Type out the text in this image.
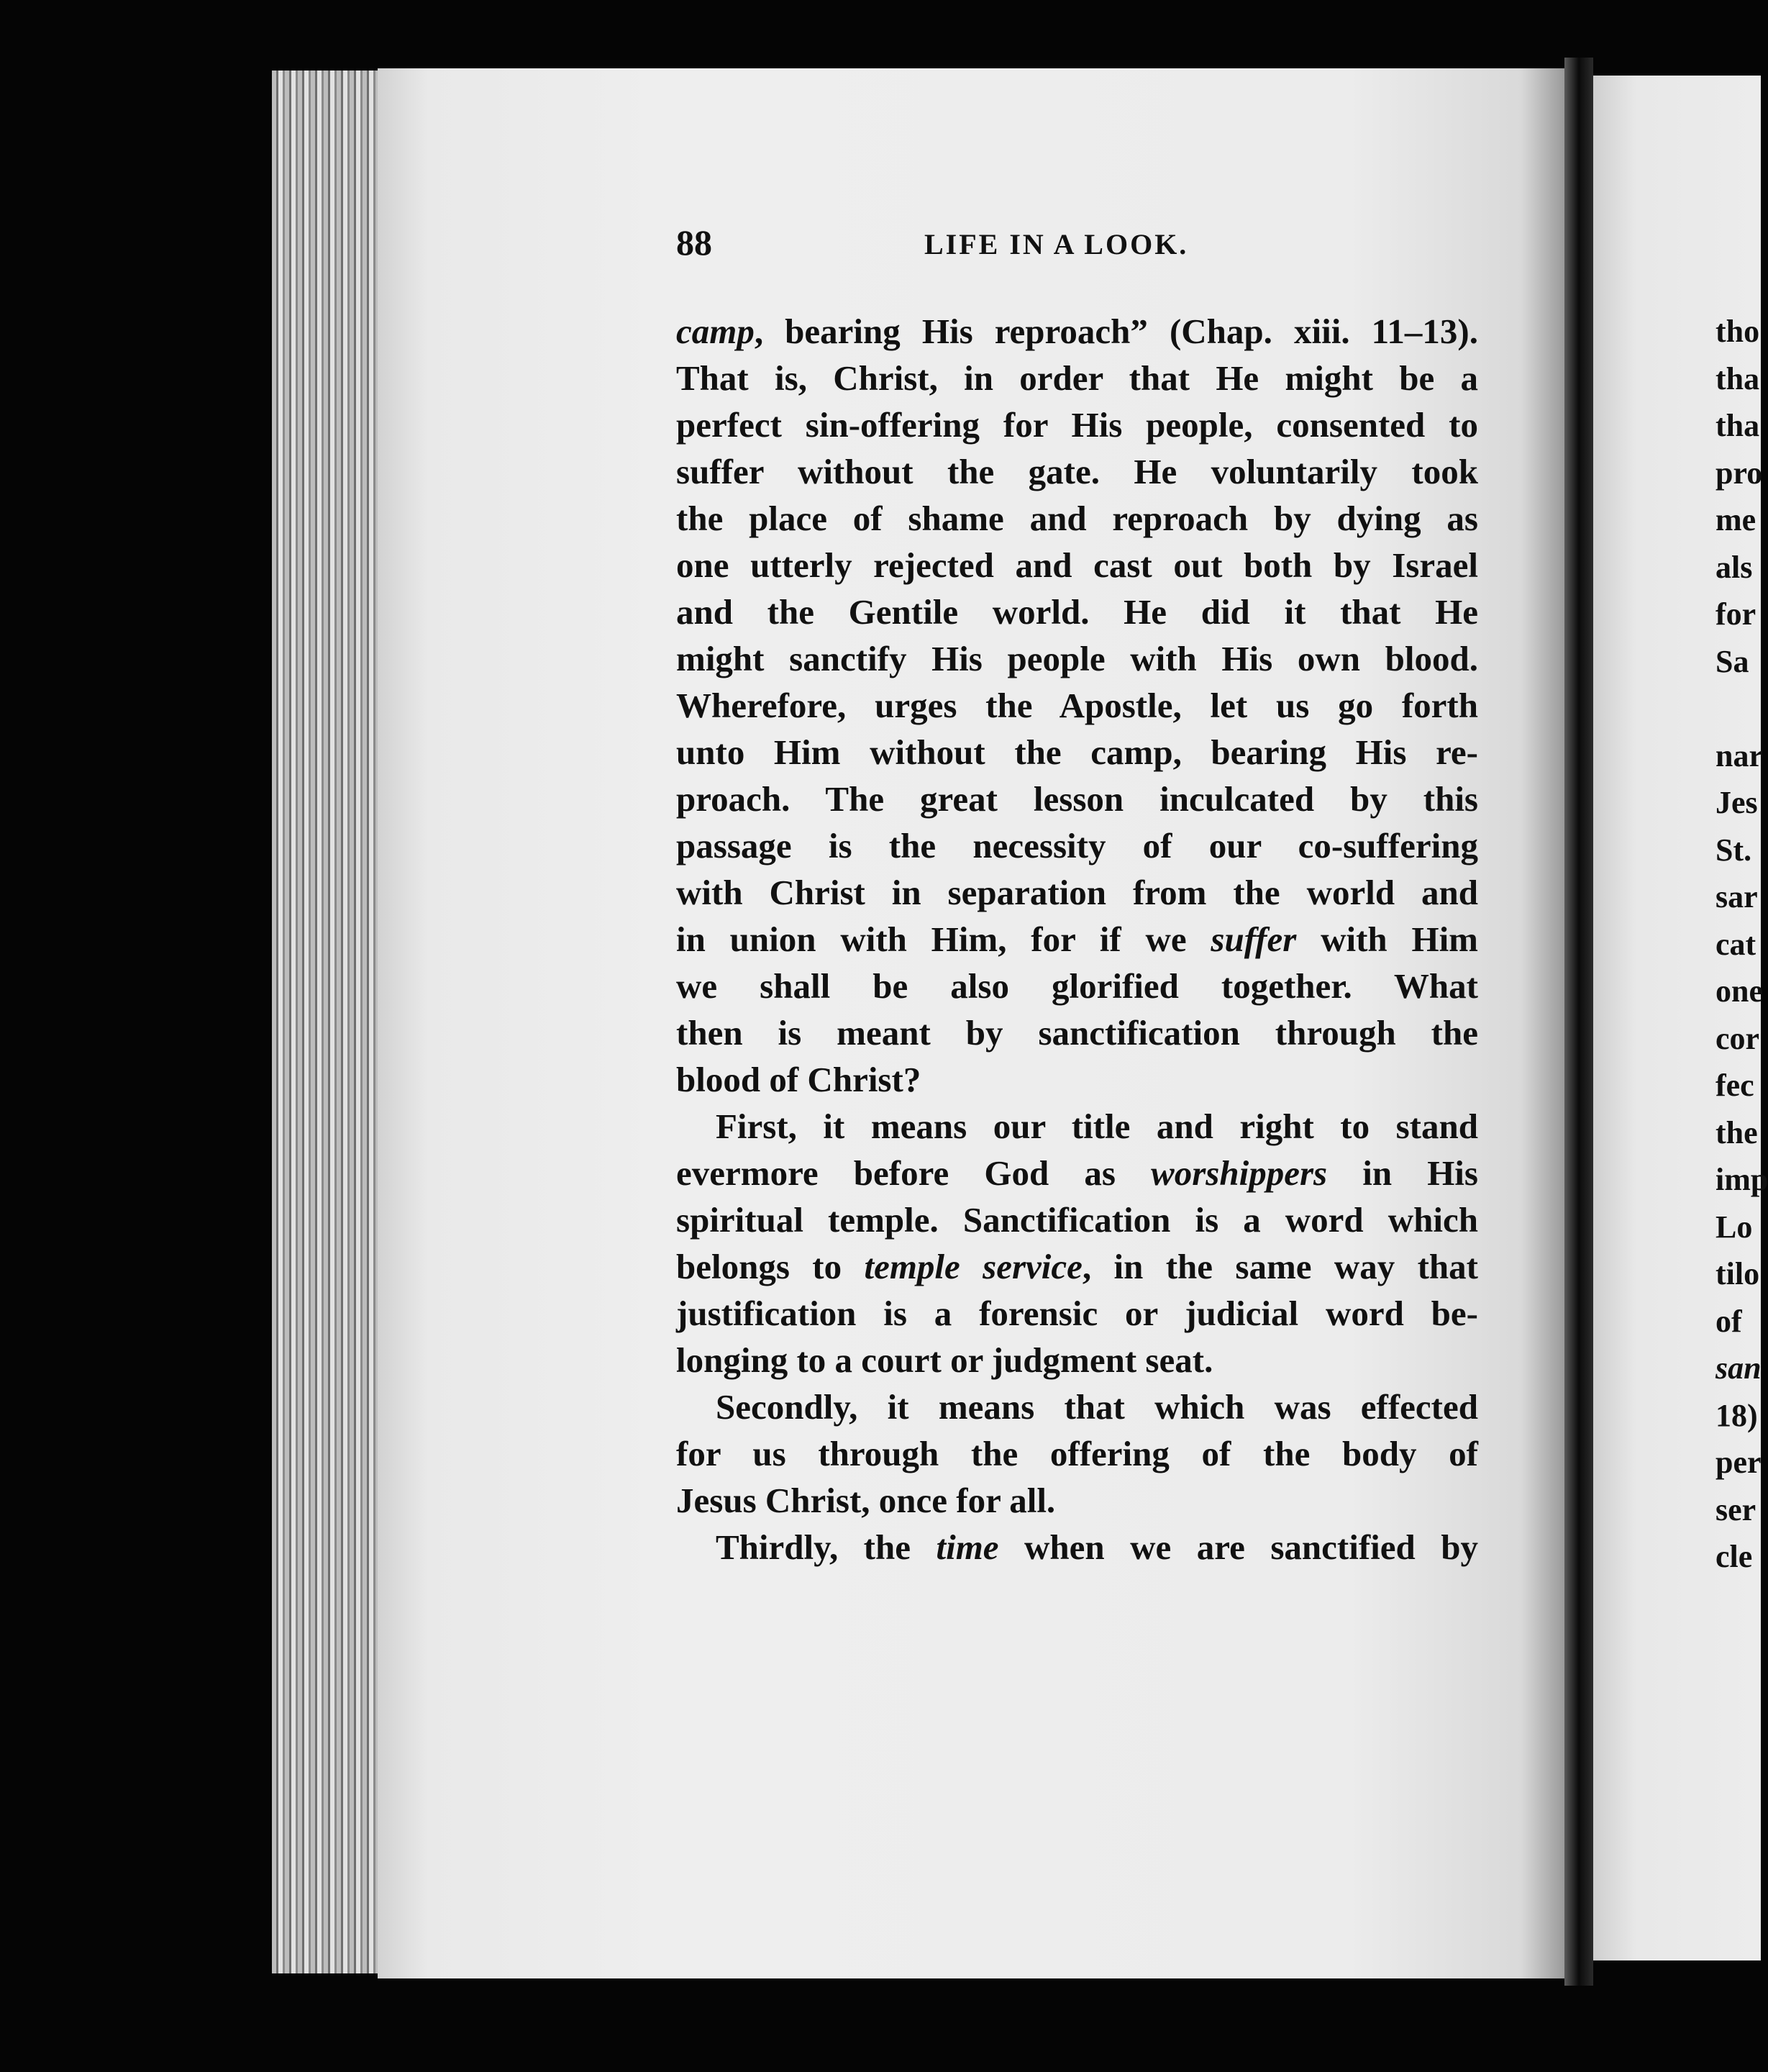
88	LIFE IN A LOOK.
camp, bearing His reproach” (Chap. xiii. 11–13).
That is, Christ, in order that He might be a
perfect sin-offering for His people, consented to
suffer without the gate. He voluntarily took
the place of shame and reproach by dying as
one utterly rejected and cast out both by Israel
and the Gentile world. He did it that He
might sanctify His people with His own blood.
Wherefore, urges the Apostle, let us go forth
unto Him without the camp, bearing His re-
proach. The great lesson inculcated by this
passage is the necessity of our co-suffering
with Christ in separation from the world and
in union with Him, for if we suffer with Him
we shall be also glorified together. What
then is meant by sanctification through the
blood of Christ?
First, it means our title and right to stand
evermore before God as worshippers in His
spiritual temple. Sanctification is a word which
belongs to temple service, in the same way that
justification is a forensic or judicial word be-
longing to a court or judgment seat.
Secondly, it means that which was effected
for us through the offering of the body of
Jesus Christ, once for all.
Thirdly, the time when we are sanctified by
tho
tha
tha
pro
me
als
for
Sa
nar
Jes
St.
sar
cat
one
cor
fec
the
imp
Lo
tilo
of
san
18)
per
ser
cle
